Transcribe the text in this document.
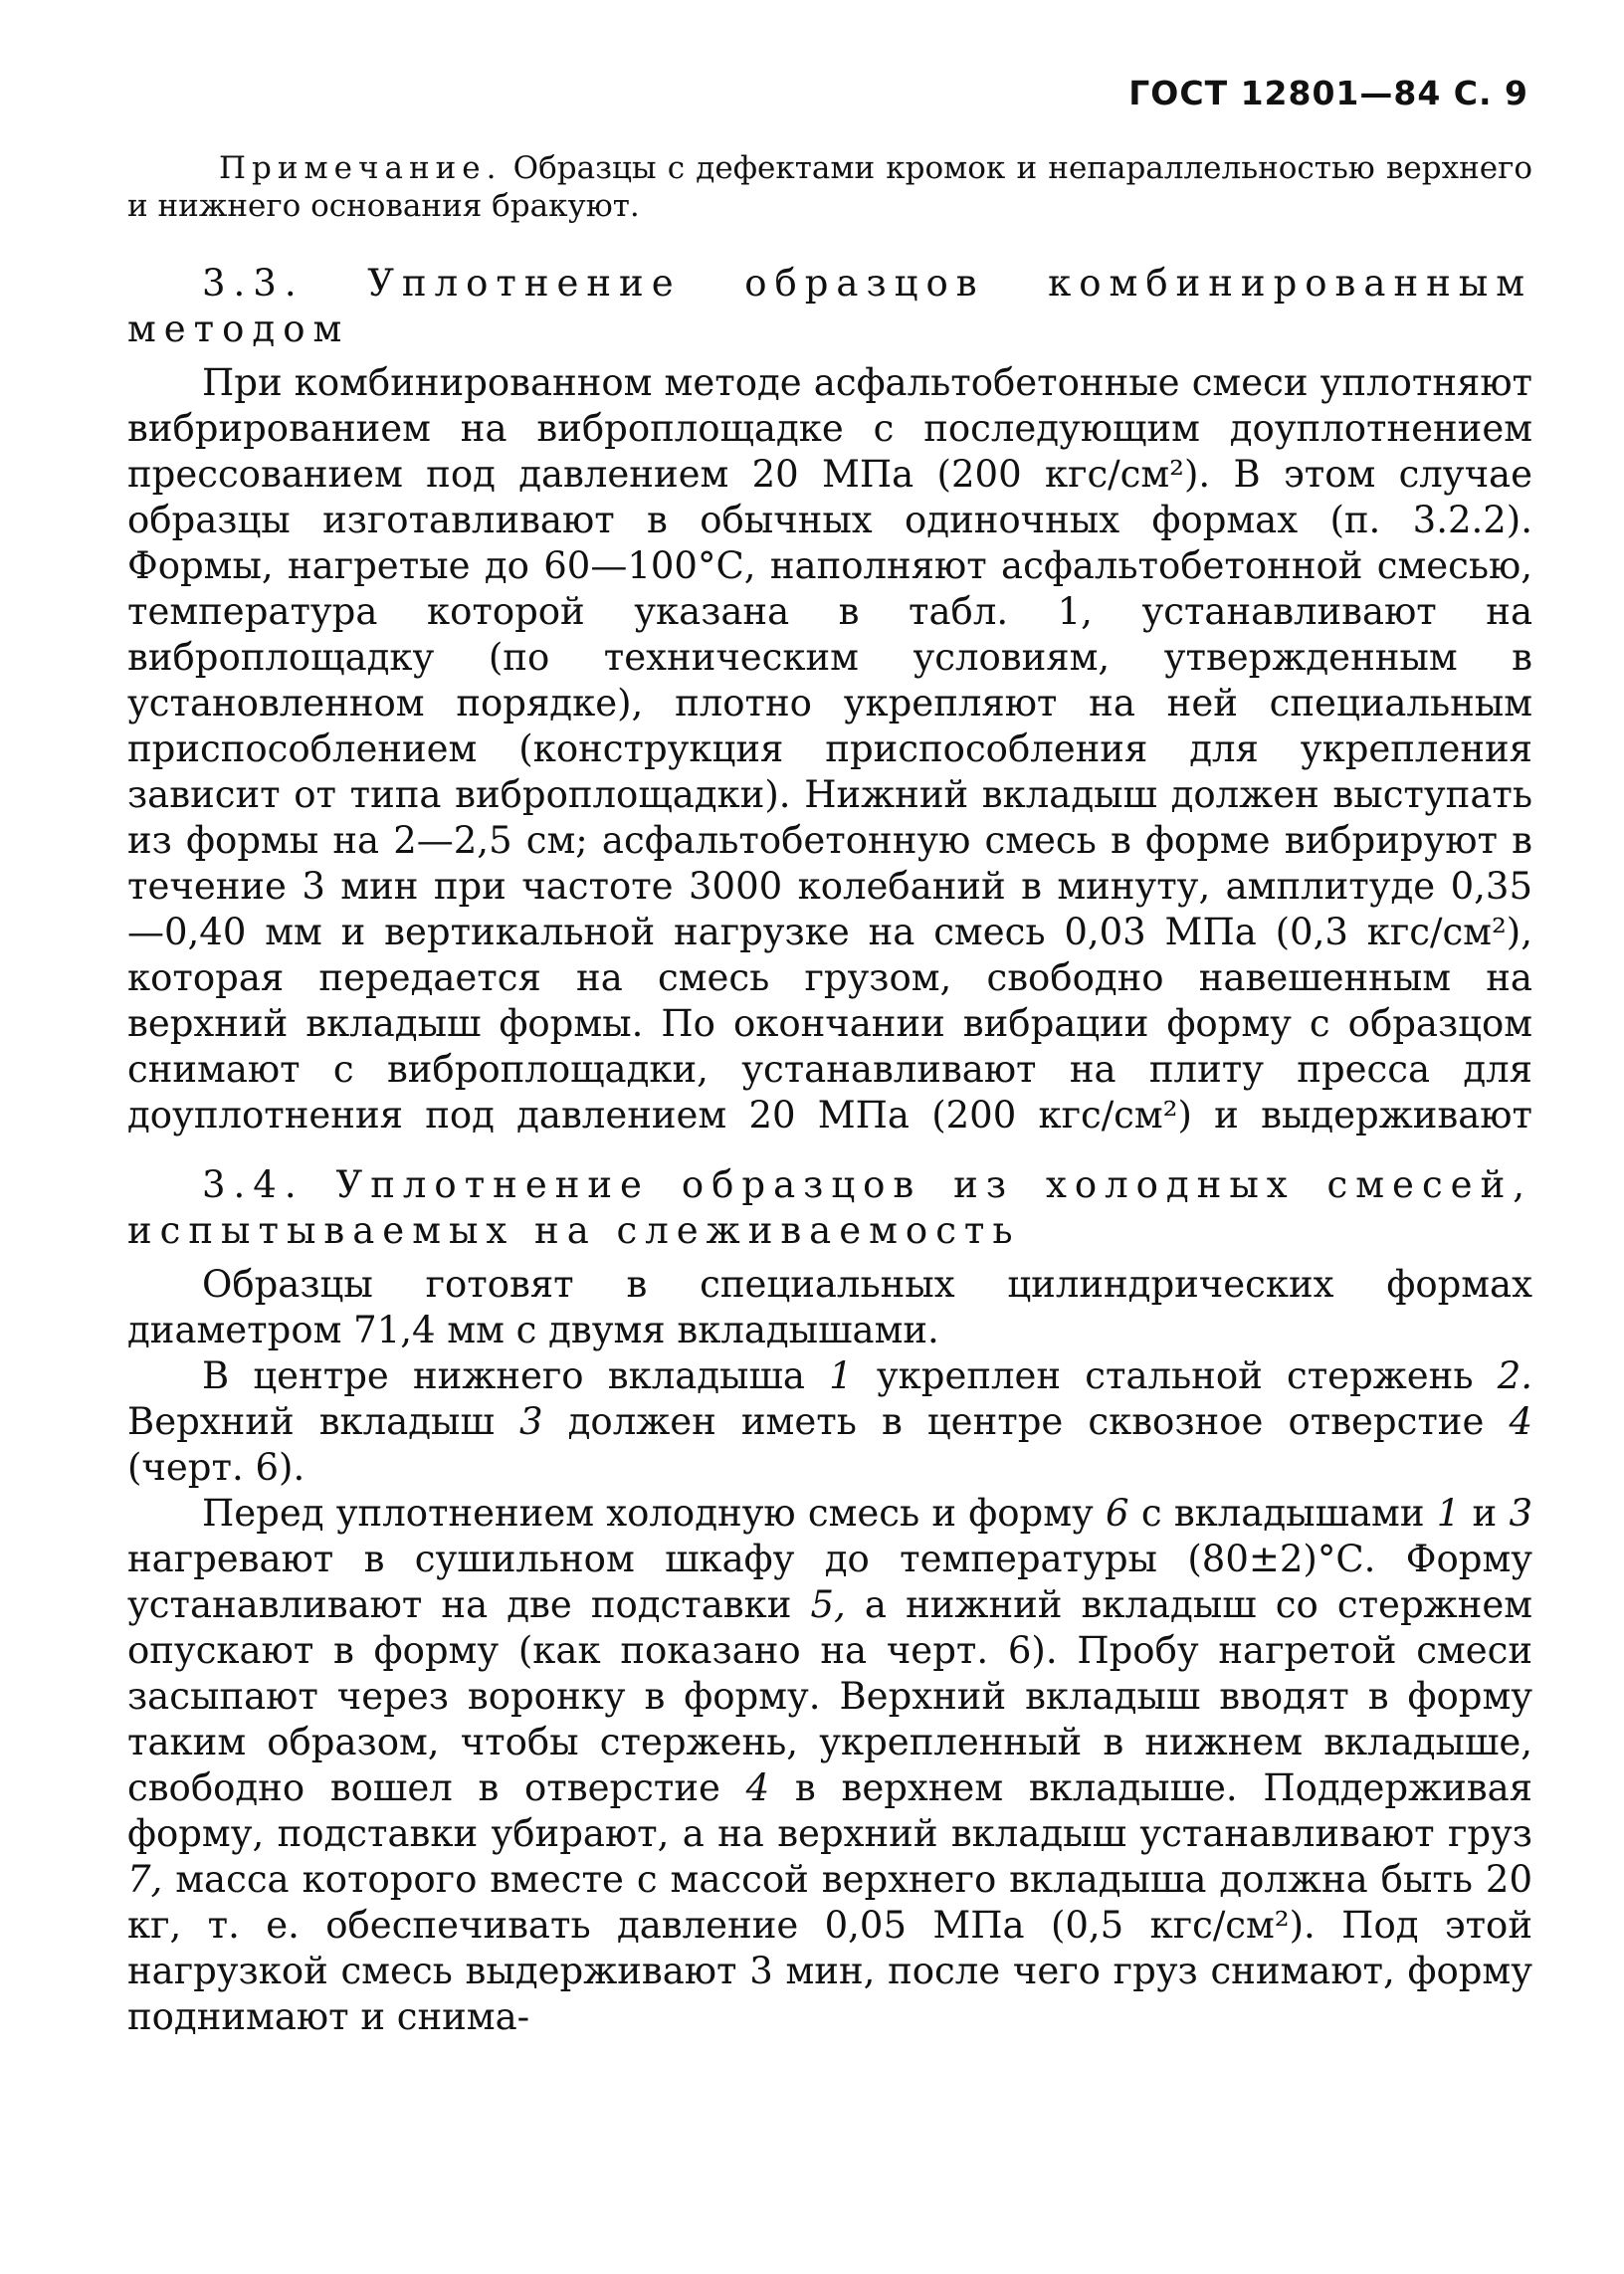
ГОСТ 12801—84 С. 9

Примечание. Образцы с дефектами кромок и непараллельностью верхнего и нижнего основания бракуют.

3.3. Уплотнение образцов комбинированным методом

При комбинированном методе асфальтобетонные смеси уплотняют вибрированием на виброплощадке с последующим доуплотнением прессованием под давлением 20 МПа (200 кгс/см²). В этом случае образцы изготавливают в обычных одиночных формах (п. 3.2.2). Формы, нагретые до 60—100°С, наполняют асфальтобетонной смесью, температура которой указана в табл. 1, устанавливают на виброплощадку (по техническим условиям, утвержденным в установленном порядке), плотно укрепляют на ней специальным приспособлением (конструкция приспособления для укрепления зависит от типа виброплощадки). Нижний вкладыш должен выступать из формы на 2—2,5 см; асфальтобетонную смесь в форме вибрируют в течение 3 мин при частоте 3000 колебаний в минуту, амплитуде 0,35—0,40 мм и вертикальной нагрузке на смесь 0,03 МПа (0,3 кгс/см²), которая передается на смесь грузом, свободно навешенным на верхний вкладыш формы. По окончании вибрации форму с образцом снимают с виброплощадки, устанавливают на плиту пресса для доуплотнения под давлением 20 МПа (200 кгс/см²) и выдерживают

3.4. Уплотнение образцов из холодных смесей, испытываемых на слеживаемость

Образцы готовят в специальных цилиндрических формах диаметром 71,4 мм с двумя вкладышами.

В центре нижнего вкладыша 1 укреплен стальной стержень 2. Верхний вкладыш 3 должен иметь в центре сквозное отверстие 4 (черт. 6).

Перед уплотнением холодную смесь и форму 6 с вкладышами 1 и 3 нагревают в сушильном шкафу до температуры (80±2)°С. Форму устанавливают на две подставки 5, а нижний вкладыш со стержнем опускают в форму (как показано на черт. 6). Пробу нагретой смеси засыпают через воронку в форму. Верхний вкладыш вводят в форму таким образом, чтобы стержень, укрепленный в нижнем вкладыше, свободно вошел в отверстие 4 в верхнем вкладыше. Поддерживая форму, подставки убирают, а на верхний вкладыш устанавливают груз 7, масса которого вместе с массой верхнего вкладыша должна быть 20 кг, т. е. обеспечивать давление 0,05 МПа (0,5 кгс/см²). Под этой нагрузкой смесь выдерживают 3 мин, после чего груз снимают, форму поднимают и снима-
